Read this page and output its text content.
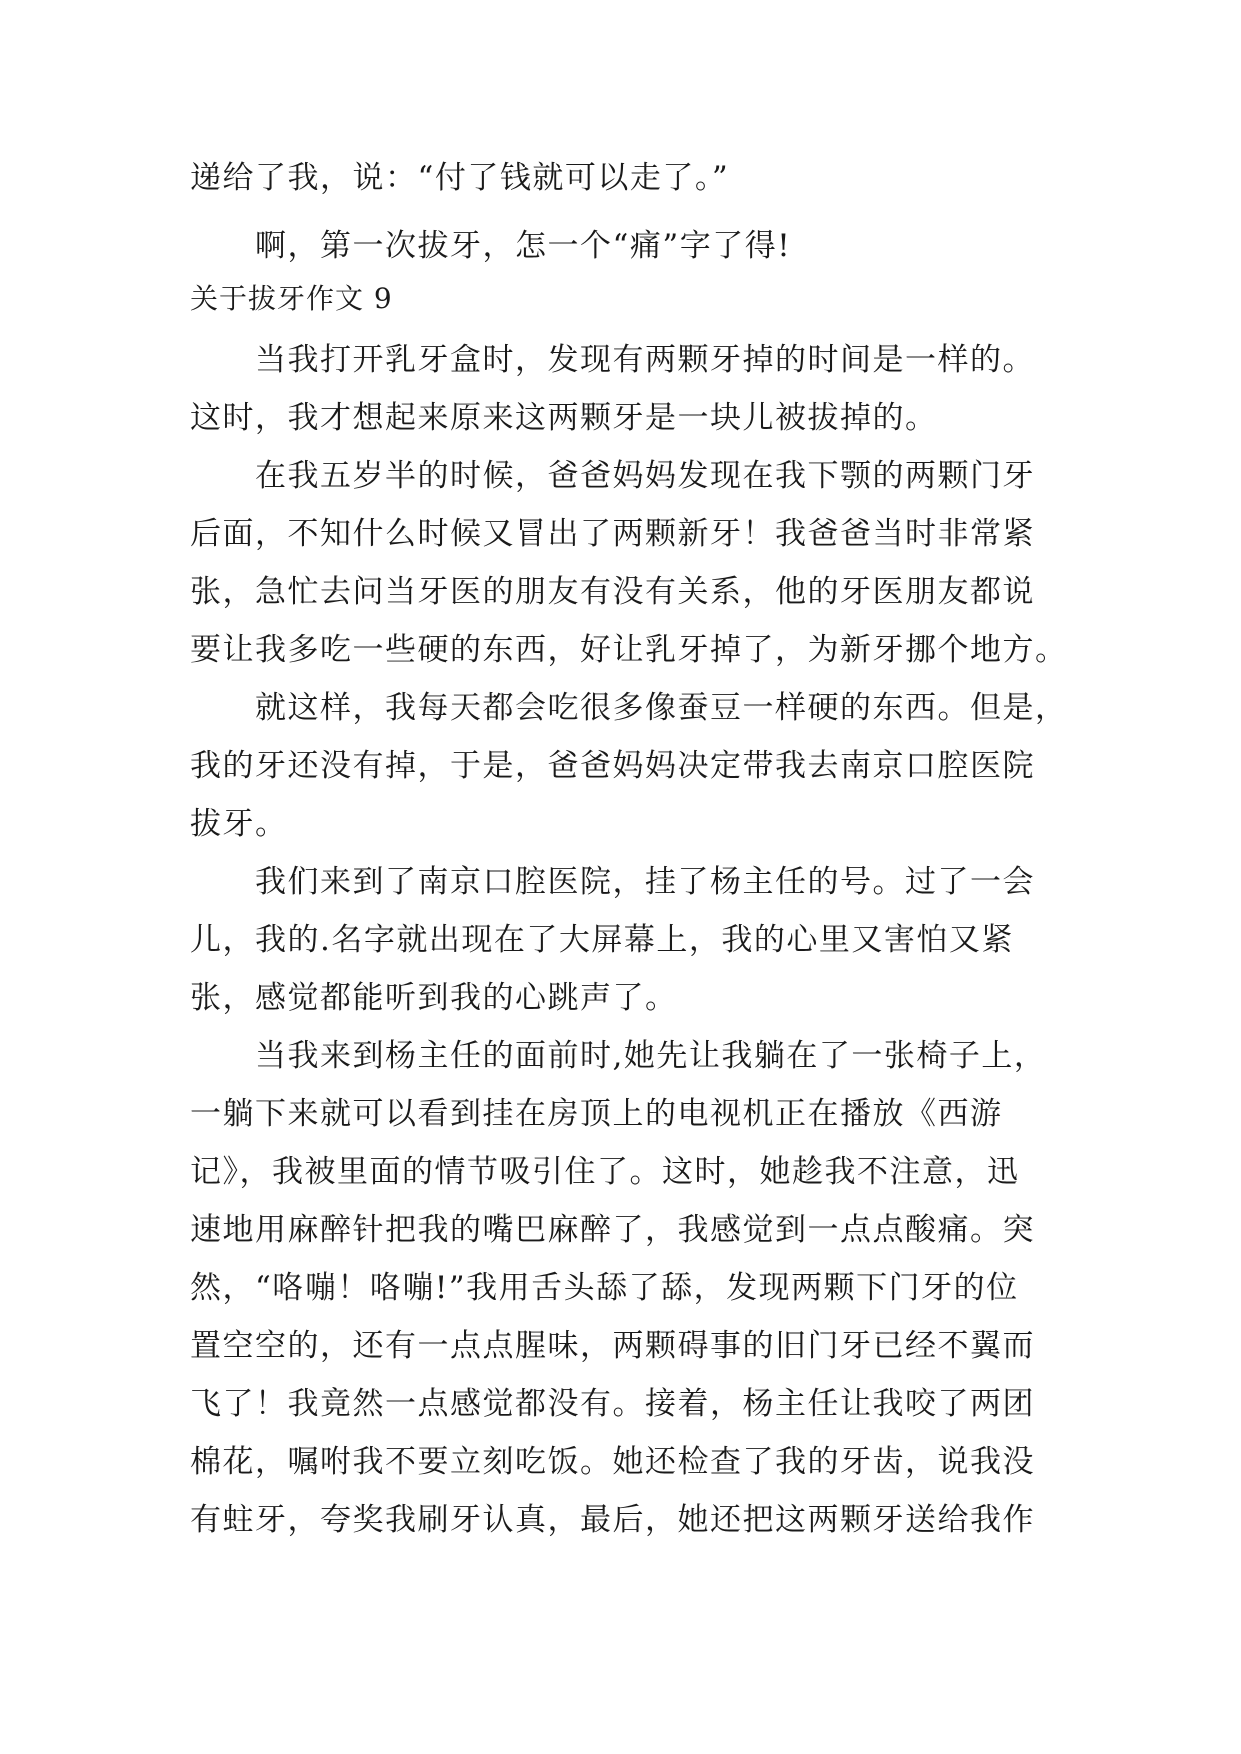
递给了我，说：“付了钱就可以走了。”

啊，第一次拔牙，怎一个“痛”字了得!

关于拔牙作文 9

当我打开乳牙盒时，发现有两颗牙掉的时间是一样的。

这时，我才想起来原来这两颗牙是一块儿被拔掉的。

在我五岁半的时候，爸爸妈妈发现在我下颚的两颗门牙

后面，不知什么时候又冒出了两颗新牙！我爸爸当时非常紧

张，急忙去问当牙医的朋友有没有关系，他的牙医朋友都说

要让我多吃一些硬的东西，好让乳牙掉了，为新牙挪个地方。

就这样，我每天都会吃很多像蚕豆一样硬的东西。但是，

我的牙还没有掉，于是，爸爸妈妈决定带我去南京口腔医院

拔牙。

我们来到了南京口腔医院，挂了杨主任的号。过了一会

儿，我的.名字就出现在了大屏幕上，我的心里又害怕又紧

张，感觉都能听到我的心跳声了。

当我来到杨主任的面前时,她先让我躺在了一张椅子上，

一躺下来就可以看到挂在房顶上的电视机正在播放《西游

记》，我被里面的情节吸引住了。这时，她趁我不注意，迅

速地用麻醉针把我的嘴巴麻醉了，我感觉到一点点酸痛。突

然，“咯嘣！咯嘣!”我用舌头舔了舔，发现两颗下门牙的位

置空空的，还有一点点腥味，两颗碍事的旧门牙已经不翼而

飞了！我竟然一点感觉都没有。接着，杨主任让我咬了两团

棉花，嘱咐我不要立刻吃饭。她还检查了我的牙齿，说我没

有蛀牙，夸奖我刷牙认真，最后，她还把这两颗牙送给我作
